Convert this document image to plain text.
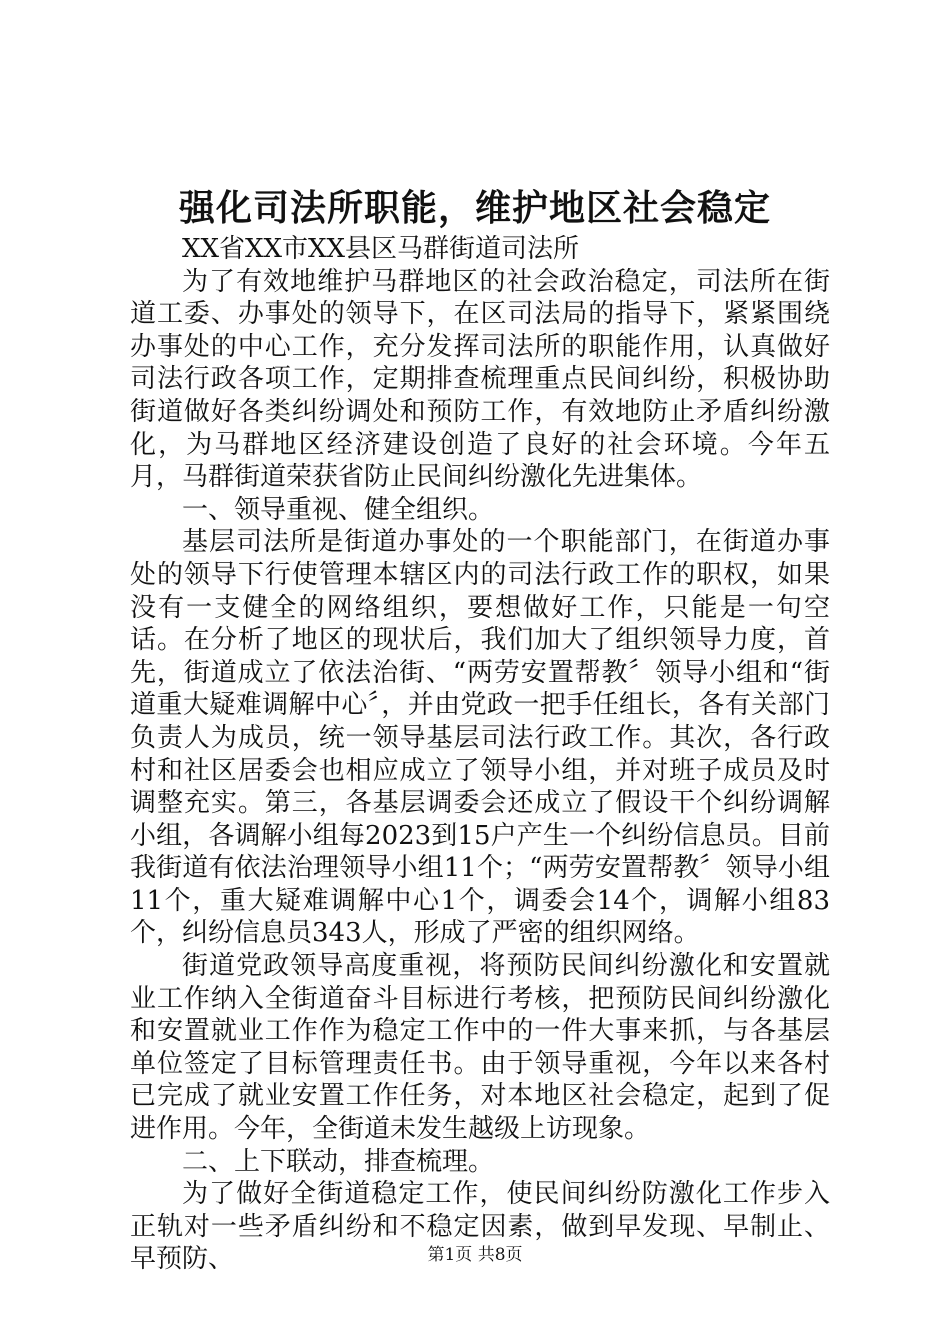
强化司法所职能，维护地区社会稳定

XX省XX市XX县区马群街道司法所

为了有效地维护马群地区的社会政治稳定，司法所在街道工委、办事处的领导下，在区司法局的指导下，紧紧围绕办事处的中心工作，充分发挥司法所的职能作用，认真做好司法行政各项工作，定期排查梳理重点民间纠纷，积极协助街道做好各类纠纷调处和预防工作，有效地防止矛盾纠纷激化，为马群地区经济建设创造了良好的社会环境。今年五月，马群街道荣获省防止民间纠纷激化先进集体。

一、领导重视、健全组织。

基层司法所是街道办事处的一个职能部门，在街道办事处的领导下行使管理本辖区内的司法行政工作的职权，如果没有一支健全的网络组织，要想做好工作，只能是一句空话。在分析了地区的现状后，我们加大了组织领导力度，首先，街道成立了依法治街、“两劳安置帮教〞领导小组和“街道重大疑难调解中心〞，并由党政一把手任组长，各有关部门负责人为成员，统一领导基层司法行政工作。其次，各行政村和社区居委会也相应成立了领导小组，并对班子成员及时调整充实。第三，各基层调委会还成立了假设干个纠纷调解小组，各调解小组每2023到15户产生一个纠纷信息员。目前我街道有依法治理领导小组11个；“两劳安置帮教〞领导小组11个，重大疑难调解中心1个，调委会14个，调解小组83个，纠纷信息员343人，形成了严密的组织网络。

街道党政领导高度重视，将预防民间纠纷激化和安置就业工作纳入全街道奋斗目标进行考核，把预防民间纠纷激化和安置就业工作作为稳定工作中的一件大事来抓，与各基层单位签定了目标管理责任书。由于领导重视，今年以来各村已完成了就业安置工作任务，对本地区社会稳定，起到了促进作用。今年，全街道未发生越级上访现象。

二、上下联动，排查梳理。

为了做好全街道稳定工作，使民间纠纷防激化工作步入正轨对一些矛盾纠纷和不稳定因素，做到早发现、早制止、早预防、	第1页 共8页
